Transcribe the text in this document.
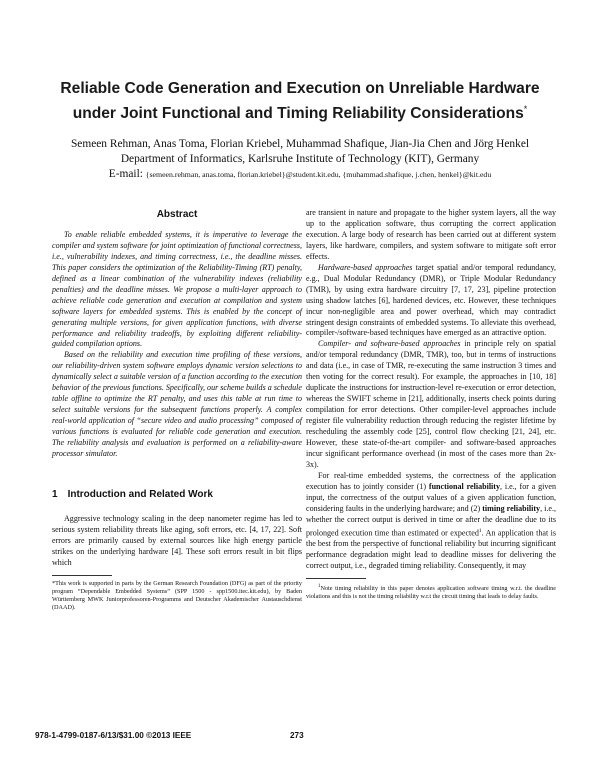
Reliable Code Generation and Execution on Unreliable Hardware
under Joint Functional and Timing Reliability Considerations*
Semeen Rehman, Anas Toma, Florian Kriebel, Muhammad Shafique, Jian-Jia Chen and Jörg Henkel
Department of Informatics, Karlsruhe Institute of Technology (KIT), Germany
E-mail: {semeen.rehman, anas.toma, florian.kriebel}@student.kit.edu, {muhammad.shafique, j.chen, henkel}@kit.edu
Abstract

To enable reliable embedded systems, it is imperative to leverage the compiler and system software for joint optimization of functional correctness, i.e., vulnerability indexes, and timing correctness, i.e., the deadline misses. This paper considers the optimization of the Reliability-Timing (RT) penalty, defined as a linear combination of the vulnerability indexes (reliability penalties) and the deadline misses. We propose a multi-layer approach to achieve reliable code generation and execution at compilation and system software layers for embedded systems. This is enabled by the concept of generating multiple versions, for given application functions, with diverse performance and reliability tradeoffs, by exploiting different reliability-guided compilation options.

Based on the reliability and execution time profiling of these versions, our reliability-driven system software employs dynamic version selections to dynamically select a suitable version of a function according to the execution behavior of the previous functions. Specifically, our scheme builds a schedule table offline to optimize the RT penalty, and uses this table at run time to select suitable versions for the subsequent functions properly. A complex real-world application of “secure video and audio processing” composed of various functions is evaluated for reliable code generation and execution. The reliability analysis and evaluation is performed on a reliability-aware processor simulator.

1 Introduction and Related Work

Aggressive technology scaling in the deep nanometer regime has led to serious system reliability threats like aging, soft errors, etc. [4, 17, 22]. Soft errors are primarily caused by external sources like high energy particle strikes on the underlying hardware [4]. These soft errors result in bit flips which

*This work is supported in parts by the German Research Foundation (DFG) as part of the priority program “Dependable Embedded Systems” (SPP 1500 - spp1500.itec.kit.edu), by Baden Württemberg MWK Juniorprofessoren-Programms and Deutscher Akademischer Austauschdienst (DAAD).

are transient in nature and propagate to the higher system layers, all the way up to the application software, thus corrupting the correct application execution. A large body of research has been carried out at different system layers, like hardware, compilers, and system software to mitigate soft error effects.

Hardware-based approaches target spatial and/or temporal redundancy, e.g., Dual Modular Redundancy (DMR), or Triple Modular Redundancy (TMR), by using extra hardware circuitry [7, 17, 23], pipeline protection using shadow latches [6], hardened devices, etc. However, these techniques incur non-negligible area and power overhead, which may contradict stringent design constraints of embedded systems. To alleviate this overhead, compiler-/software-based techniques have emerged as an attractive option.

Compiler- and software-based approaches in principle rely on spatial and/or temporal redundancy (DMR, TMR), too, but in terms of instructions and data (i.e., in case of TMR, re-executing the same instruction 3 times and then voting for the correct result). For example, the approaches in [10, 18] duplicate the instructions for instruction-level re-execution or error detection, whereas the SWIFT scheme in [21], additionally, inserts check points during compilation for error detections. Other compiler-level approaches include register file vulnerability reduction through reducing the register lifetime by rescheduling the assembly code [25], control flow checking [21, 24], etc. However, these state-of-the-art compiler- and software-based approaches incur significant performance overhead (in most of the cases more than 2x-3x).

For real-time embedded systems, the correctness of the application execution has to jointly consider (1) functional reliability, i.e., for a given input, the correctness of the output values of a given application function, considering faults in the underlying hardware; and (2) timing reliability, i.e., whether the correct output is derived in time or after the deadline due to its prolonged execution time than estimated or expected$^1$. An application that is the best from the perspective of functional reliability but incurring significant performance degradation might lead to deadline misses for delivering the correct output, i.e., degraded timing reliability. Consequently, it may

$^1$Note timing reliability in this paper denotes application software timing w.r.t. the deadline violations and this is not the timing reliability w.r.t the circuit timing that leads to delay faults.

978-1-4799-0187-6/13/$31.00 ©2013 IEEE	273
